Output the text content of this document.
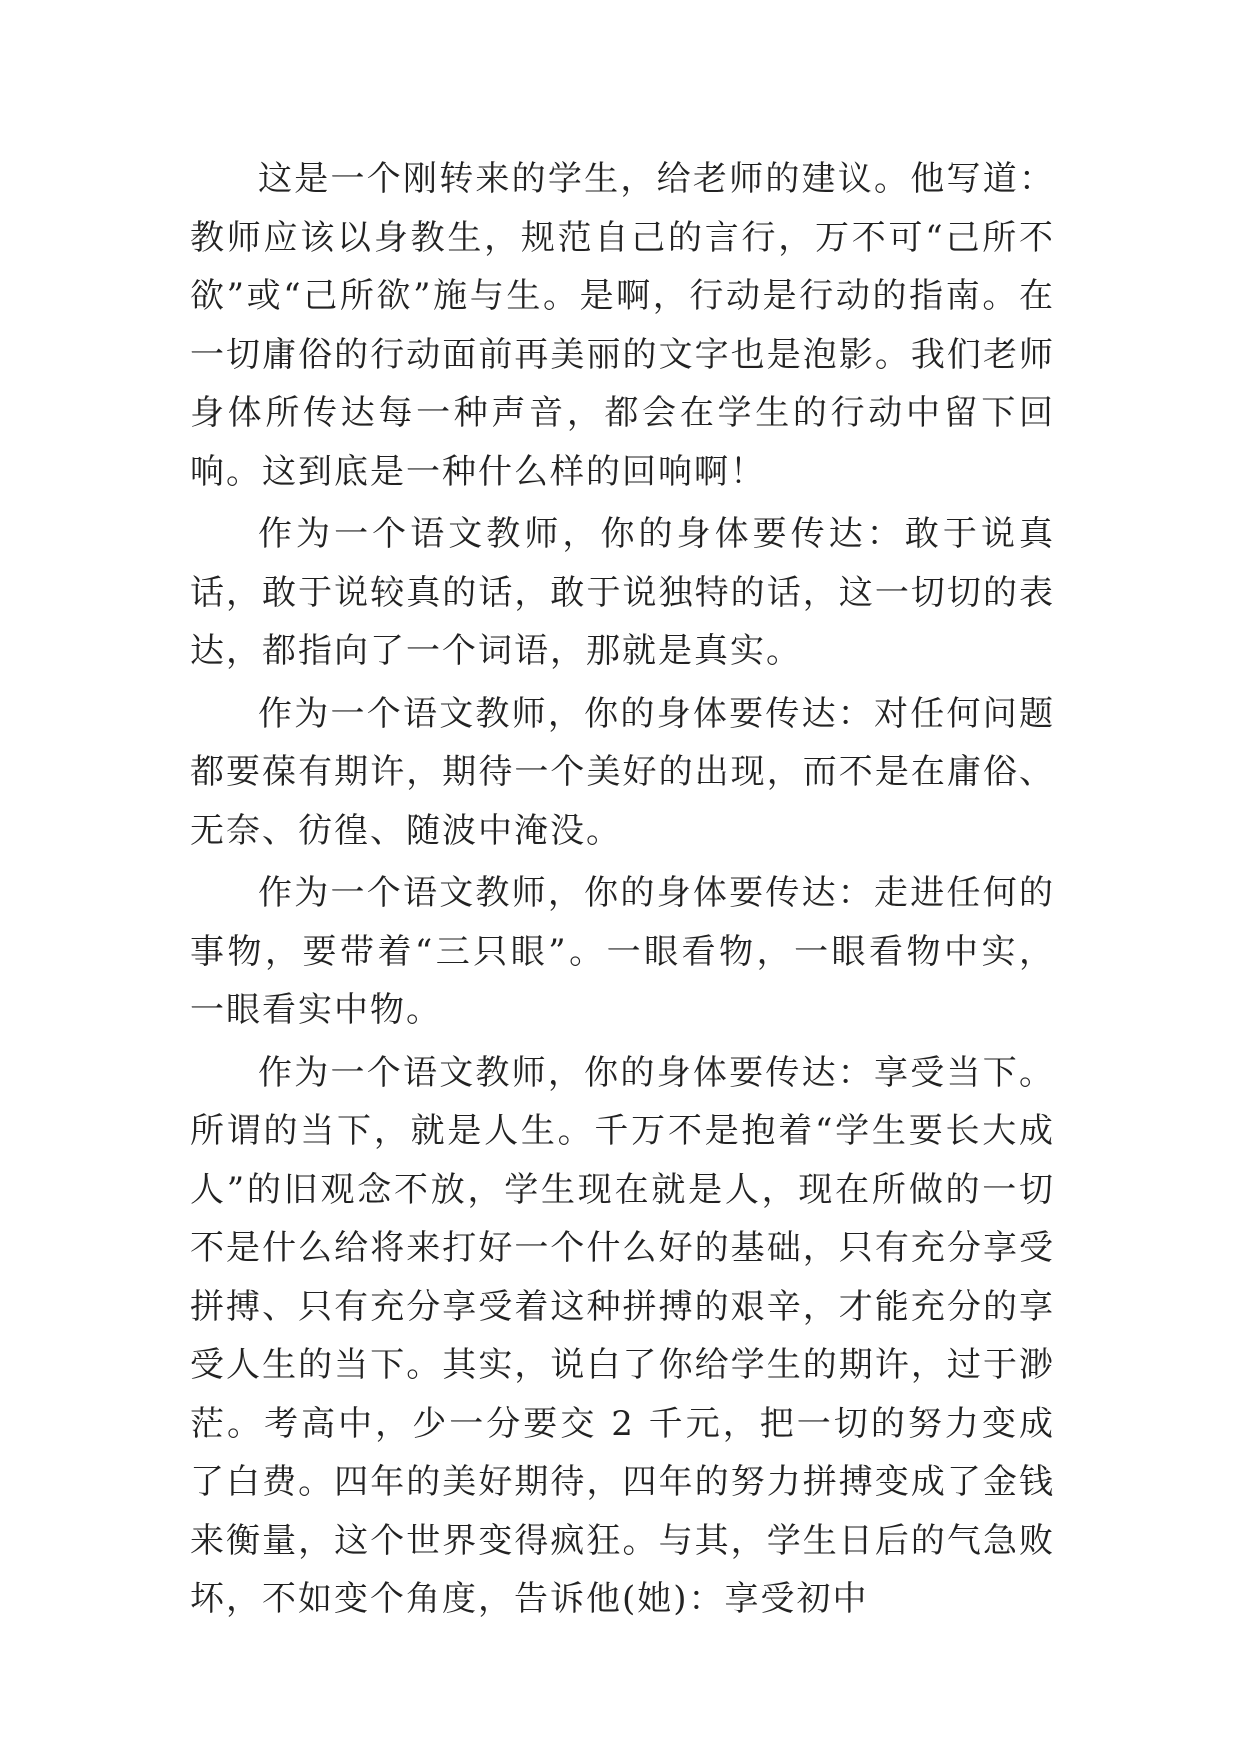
这是一个刚转来的学生，给老师的建议。他写道：教师应该以身教生，规范自己的言行，万不可“己所不欲”或“己所欲”施与生。是啊，行动是行动的指南。在一切庸俗的行动面前再美丽的文字也是泡影。我们老师身体所传达每一种声音，都会在学生的行动中留下回响。这到底是一种什么样的回响啊！

作为一个语文教师，你的身体要传达：敢于说真话，敢于说较真的话，敢于说独特的话，这一切切的表达，都指向了一个词语，那就是真实。

作为一个语文教师，你的身体要传达：对任何问题都要葆有期许，期待一个美好的出现，而不是在庸俗、无奈、彷徨、随波中淹没。

作为一个语文教师，你的身体要传达：走进任何的事物，要带着“三只眼”。一眼看物，一眼看物中实，一眼看实中物。

作为一个语文教师，你的身体要传达：享受当下。所谓的当下，就是人生。千万不是抱着“学生要长大成人”的旧观念不放，学生现在就是人，现在所做的一切不是什么给将来打好一个什么好的基础，只有充分享受拼搏、只有充分享受着这种拼搏的艰辛，才能充分的享受人生的当下。其实，说白了你给学生的期许，过于渺茫。考高中，少一分要交 2 千元，把一切的努力变成了白费。四年的美好期待，四年的努力拼搏变成了金钱来衡量，这个世界变得疯狂。与其，学生日后的气急败坏，不如变个角度，告诉他(她)：享受初中
